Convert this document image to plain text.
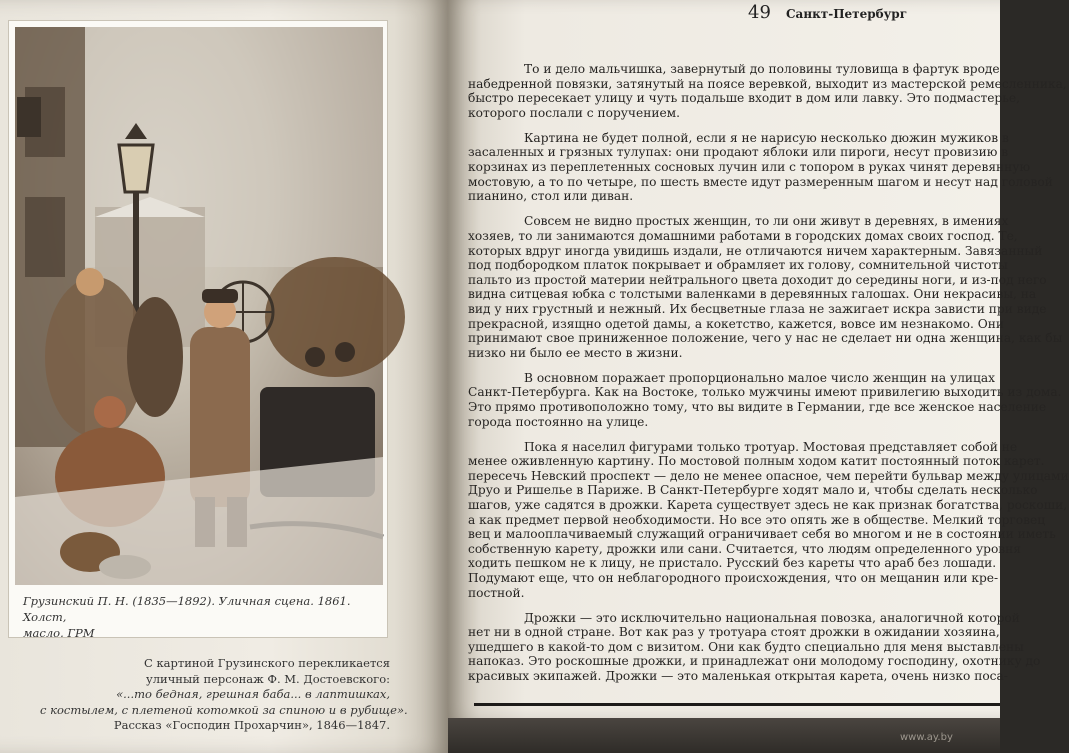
Грузинский П. Н. (1835—1892). Уличная сцена. 1861. Холст,
масло. ГРМ
С картиной Грузинского перекликается
уличный персонаж Ф. М. Достоевского:
«...то бедная, грешная баба... в лаптишках,
с костылем, с плетеной котомкой за спиною и в рубище».
Рассказ «Господин Прохарчин», 1846—1847.
49 Санкт-Петербург
То и дело мальчишка, завернутый до половины туловища в фартук вроде
набедренной повязки, затянутый на поясе веревкой, выходит из мастерской ремесленника,
быстро пересекает улицу и чуть подальше входит в дом или лавку. Это подмастерье,
которого послали с поручением.
Картина не будет полной, если я не нарисую несколько дюжин мужиков в
засаленных и грязных тулупах: они продают яблоки или пироги, несут провизию в
корзинах из переплетенных сосновых лучин или с топором в руках чинят деревянную
мостовую, а то по четыре, по шесть вместе идут размеренным шагом и несут над головой
пианино, стол или диван.
Совсем не видно простых женщин, то ли они живут в деревнях, в имениях
хозяев, то ли занимаются домашними работами в городских домах своих господ. Те,
которых вдруг иногда увидишь издали, не отличаются ничем характерным. Завязанный
под подбородком платок покрывает и обрамляет их голову, сомнительной чистоты
пальто из простой материи нейтрального цвета доходит до середины ноги, и из-под него
видна ситцевая юбка с толстыми валенками в деревянных галошах. Они некрасивы, на
вид у них грустный и нежный. Их бесцветные глаза не зажигает искра зависти при виде
прекрасной, изящно одетой дамы, а кокетство, кажется, вовсе им незнакомо. Они
принимают свое приниженное положение, чего у нас не сделает ни одна женщина, как бы
низко ни было ее место в жизни.
В основном поражает пропорционально малое число женщин на улицах
Санкт-Петербурга. Как на Востоке, только мужчины имеют привилегию выходить из дома.
Это прямо противоположно тому, что вы видите в Германии, где все женское население
города постоянно на улице.
Пока я населил фигурами только тротуар. Мостовая представляет собой не
менее оживленную картину. По мостовой полным ходом катит постоянный поток карет.
пересечь Невский проспект — дело не менее опасное, чем перейти бульвар между улицами
Друо и Ришелье в Париже. В Санкт-Петербурге ходят мало и, чтобы сделать несколько
шагов, уже садятся в дрожки. Карета существует здесь не как признак богатства, роскоши,
а как предмет первой необходимости. Но все это опять же в обществе. Мелкий торговец
вец и малооплачиваемый служащий ограничивает себя во многом и не в состоянии иметь
собственную карету, дрожки или сани. Считается, что людям определенного уровня
ходить пешком не к лицу, не пристало. Русский без кареты что араб без лошади.
Подумают еще, что он неблагородного происхождения, что он мещанин или кре-
постной.
Дрожки — это исключительно национальная повозка, аналогичной которой
нет ни в одной стране. Вот как раз у тротуара стоят дрожки в ожидании хозяина,
ушедшего в какой-то дом с визитом. Они как будто специально для меня выставлены
напоказ. Это роскошные дрожки, и принадлежат они молодому господину, охотнику до
красивых экипажей. Дрожки — это маленькая открытая карета, очень низко поса-
www.ay.by
